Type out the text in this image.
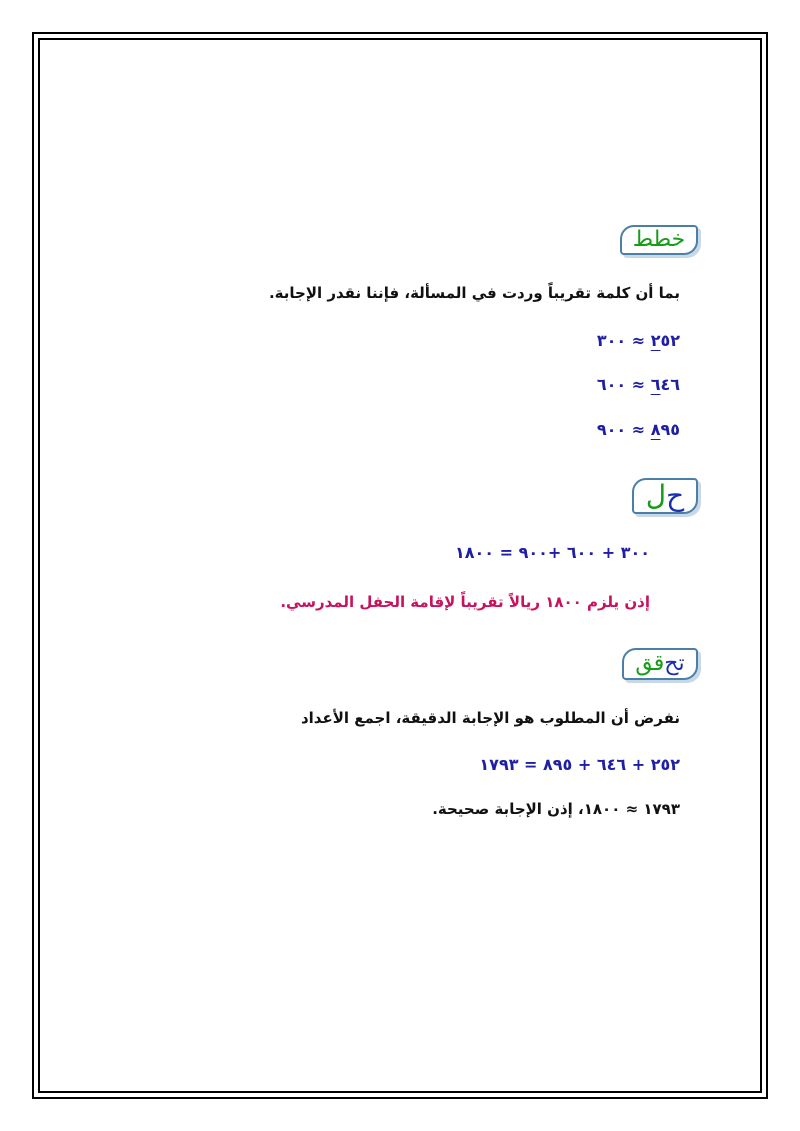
خطط
بما أن كلمة تقريباً وردت في المسألة، فإننا نقدر الإجابة.
٢٥٢ ≈ ٣٠٠
٦٤٦ ≈ ٦٠٠
٨٩٥ ≈ ٩٠٠
ح
ل
٣٠٠ + ٦٠٠ +٩٠٠ = ١٨٠٠
إذن يلزم ١٨٠٠ ريالاً تقريباً لإقامة الحفل المدرسي.
تح
قق
نفرض أن المطلوب هو الإجابة الدقيقة، اجمع الأعداد
٢٥٢ + ٦٤٦ + ٨٩٥ = ١٧٩٣
١٧٩٣ ≈ ١٨٠٠، إذن الإجابة صحيحة.
